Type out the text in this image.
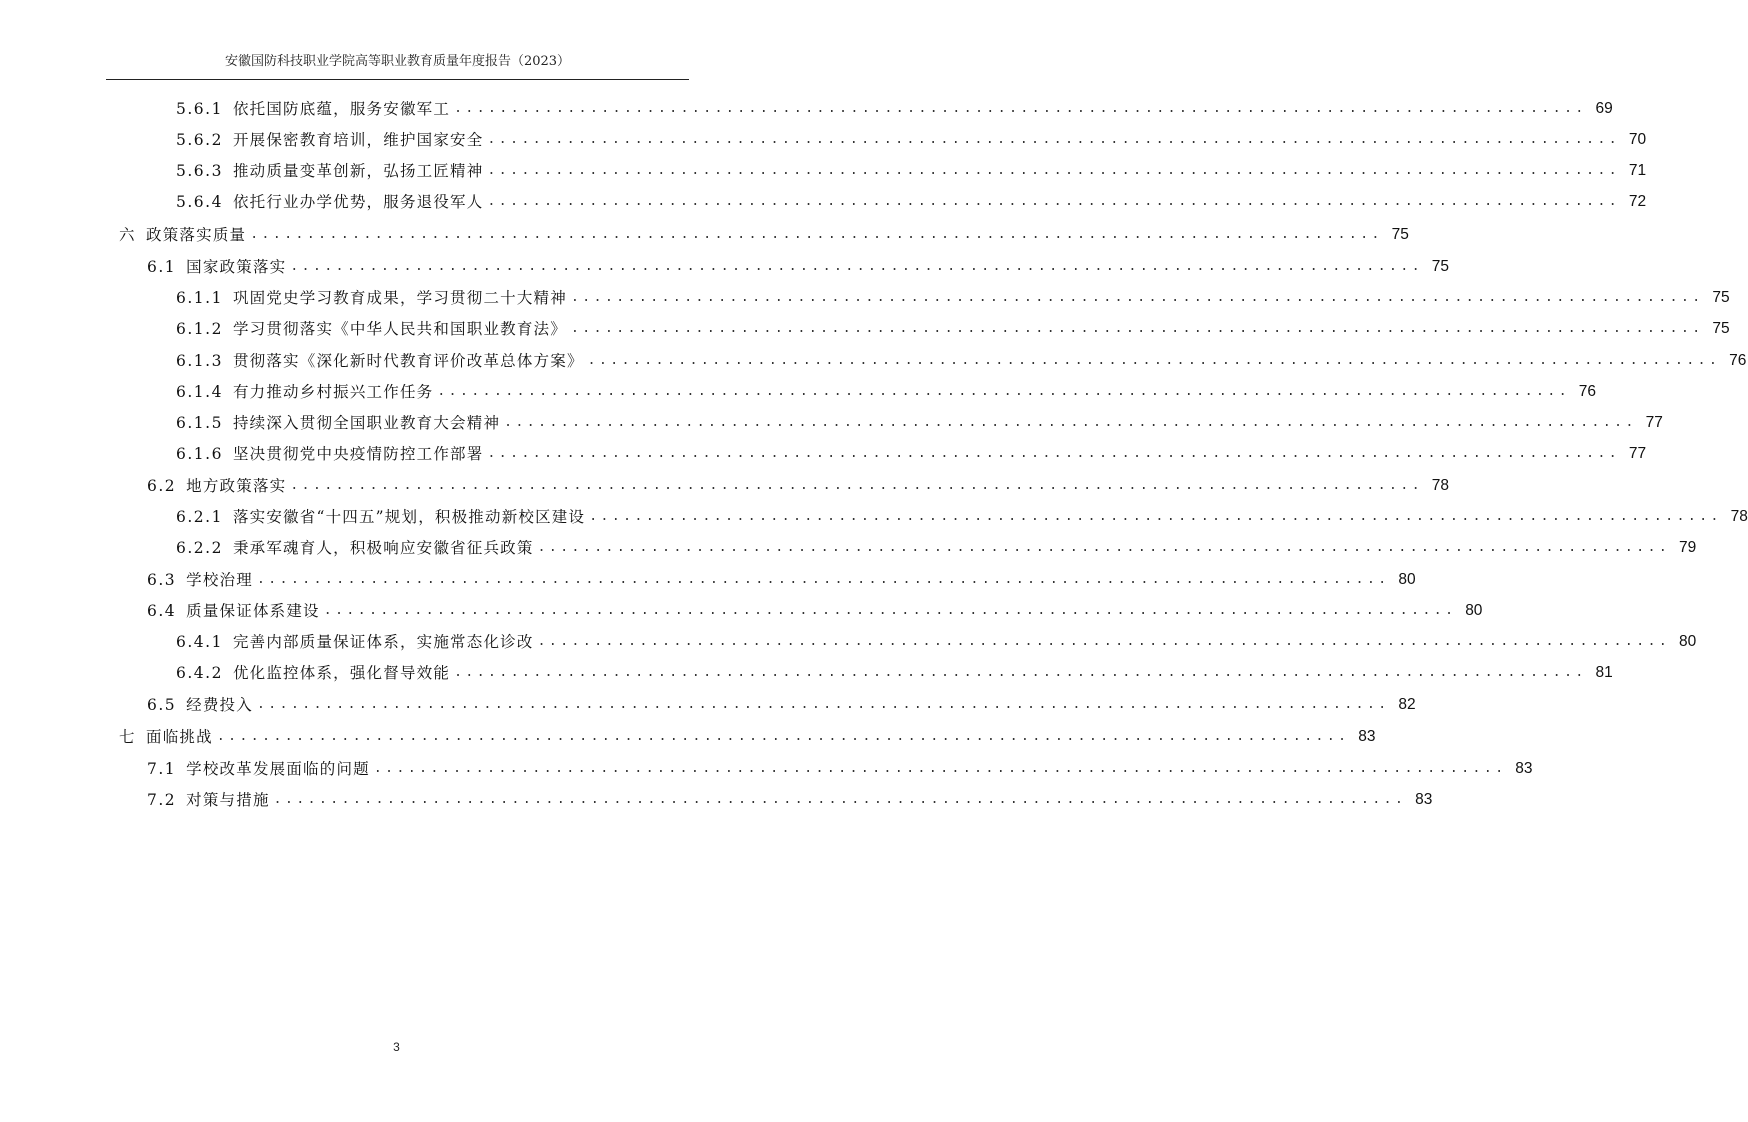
安徽国防科技职业学院高等职业教育质量年度报告（2023）
5.6.1 依托国防底蕴，服务安徽军工 .................................................................................................... 69
5.6.2 开展保密教育培训，维护国家安全 .................................................................................................... 70
5.6.3 推动质量变革创新，弘扬工匠精神 .................................................................................................... 71
5.6.4 依托行业办学优势，服务退役军人 .................................................................................................... 72
六 政策落实质量 .................................................................................................... 75
6.1 国家政策落实 .................................................................................................... 75
6.1.1 巩固党史学习教育成果，学习贯彻二十大精神 .................................................................................................... 75
6.1.2 学习贯彻落实《中华人民共和国职业教育法》 .................................................................................................... 75
6.1.3 贯彻落实《深化新时代教育评价改革总体方案》 .................................................................................................... 76
6.1.4 有力推动乡村振兴工作任务 .................................................................................................... 76
6.1.5 持续深入贯彻全国职业教育大会精神 .................................................................................................... 77
6.1.6 坚决贯彻党中央疫情防控工作部署 .................................................................................................... 77
6.2 地方政策落实 .................................................................................................... 78
6.2.1 落实安徽省“十四五”规划，积极推动新校区建设 .................................................................................................... 78
6.2.2 秉承军魂育人，积极响应安徽省征兵政策 .................................................................................................... 79
6.3 学校治理 .................................................................................................... 80
6.4 质量保证体系建设 .................................................................................................... 80
6.4.1 完善内部质量保证体系，实施常态化诊改 .................................................................................................... 80
6.4.2 优化监控体系，强化督导效能 .................................................................................................... 81
6.5 经费投入 .................................................................................................... 82
七 面临挑战 .................................................................................................... 83
7.1 学校改革发展面临的问题 .................................................................................................... 83
7.2 对策与措施 .................................................................................................... 83
3
